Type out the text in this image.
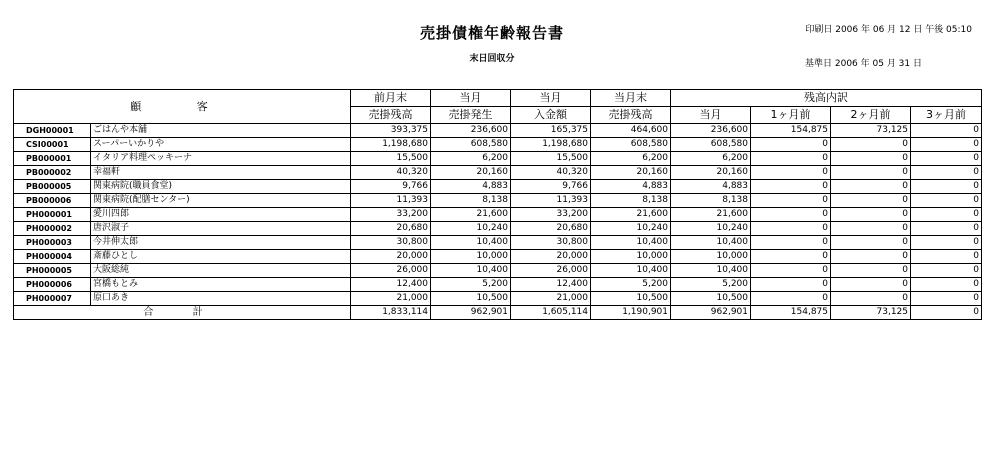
売掛債権年齢報告書
末日回収分
印刷日 2006 年 06 月 12 日 午後 05:10
基準日 2006 年 05 月 31 日
顧 客		前月末	当月	当月	当月末	残高内訳			
		売掛残高	売掛発生	入金額	売掛残高	当月	1ヶ月前	2ヶ月前	3ヶ月前
DGH00001	ごはんや本舗	393,375	236,600	165,375	464,600	236,600	154,875	73,125	0
CSI00001	スーパーいかりや	1,198,680	608,580	1,198,680	608,580	608,580	0	0	0
PB000001	イタリア料理ペッキーナ	15,500	6,200	15,500	6,200	6,200	0	0	0
PB000002	幸福軒	40,320	20,160	40,320	20,160	20,160	0	0	0
PB000005	関東病院(職員食堂)	9,766	4,883	9,766	4,883	4,883	0	0	0
PB000006	関東病院(配膳センター)	11,393	8,138	11,393	8,138	8,138	0	0	0
PH000001	愛川四郎	33,200	21,600	33,200	21,600	21,600	0	0	0
PH000002	唐沢淑子	20,680	10,240	20,680	10,240	10,240	0	0	0
PH000003	今井伸太郎	30,800	10,400	30,800	10,400	10,400	0	0	0
PH000004	斎藤ひとし	20,000	10,000	20,000	10,000	10,000	0	0	0
PH000005	大阪総純	26,000	10,400	26,000	10,400	10,400	0	0	0
PH000006	宮橋もとみ	12,400	5,200	12,400	5,200	5,200	0	0	0
PH000007	原口あき	21,000	10,500	21,000	10,500	10,500	0	0	0
合 計		1,833,114	962,901	1,605,114	1,190,901	962,901	154,875	73,125	0
